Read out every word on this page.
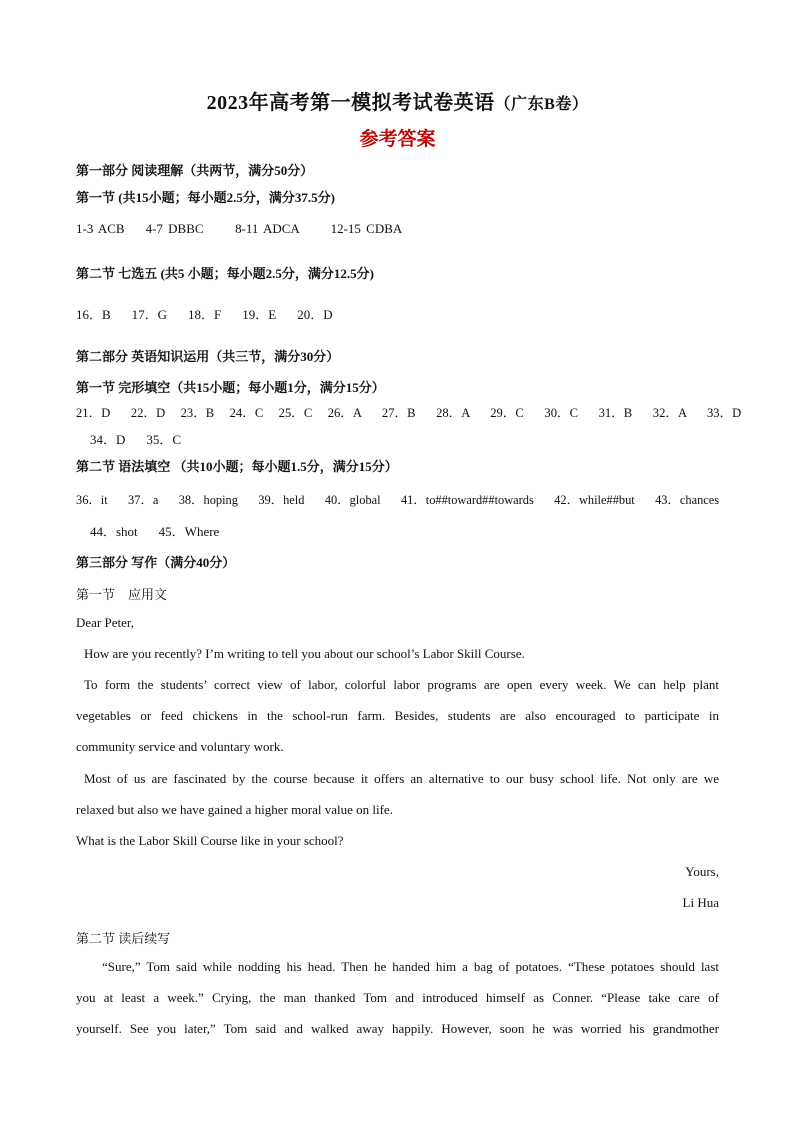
2023年高考第一模拟考试卷英语（广东B卷）
参考答案
第一部分 阅读理解（共两节，满分50分）
第一节 (共15小题；每小题2.5分，满分37.5分)
1-3 ACB    4-7 DBBC      8-11 ADCA      12-15 CDBA
第二节 七选五 (共5 小题；每小题2.5分，满分12.5分)
16．B    17．G    18．F    19．E    20．D
第二部分 英语知识运用（共三节，满分30分）
第一节 完形填空（共15小题；每小题1分，满分15分）
21．D    22．D   23．B   24．C   25．C   26．A    27．B    28．A    29．C    30．C    31．B    32．A    33．D
34．D    35．C
第二节 语法填空 （共10小题；每小题1.5分，满分15分）
36．it    37．a    38．hoping    39．held    40．global    41．to##toward##towards    42．while##but    43．chances
44．shot    45．Where
第三部分 写作（满分40分）
第一节    应用文
Dear Peter,
How are you recently? I’m writing to tell you about our school’s Labor Skill Course.
To form the students’ correct view of labor, colorful labor programs are open every week. We can help plant
vegetables or feed chickens in the school-run farm. Besides, students are also encouraged to participate in
community service and voluntary work.
Most of us are fascinated by the course because it offers an alternative to our busy school life. Not only are we
relaxed but also we have gained a higher moral value on life.
What is the Labor Skill Course like in your school?
Yours,
Li Hua
第二节 读后续写
“Sure,” Tom said while nodding his head. Then he handed him a bag of potatoes. “These potatoes should last
you at least a week.” Crying, the man thanked Tom and introduced himself as Conner. “Please take care of
yourself. See you later,” Tom said and walked away happily. However, soon he was worried his grandmother
